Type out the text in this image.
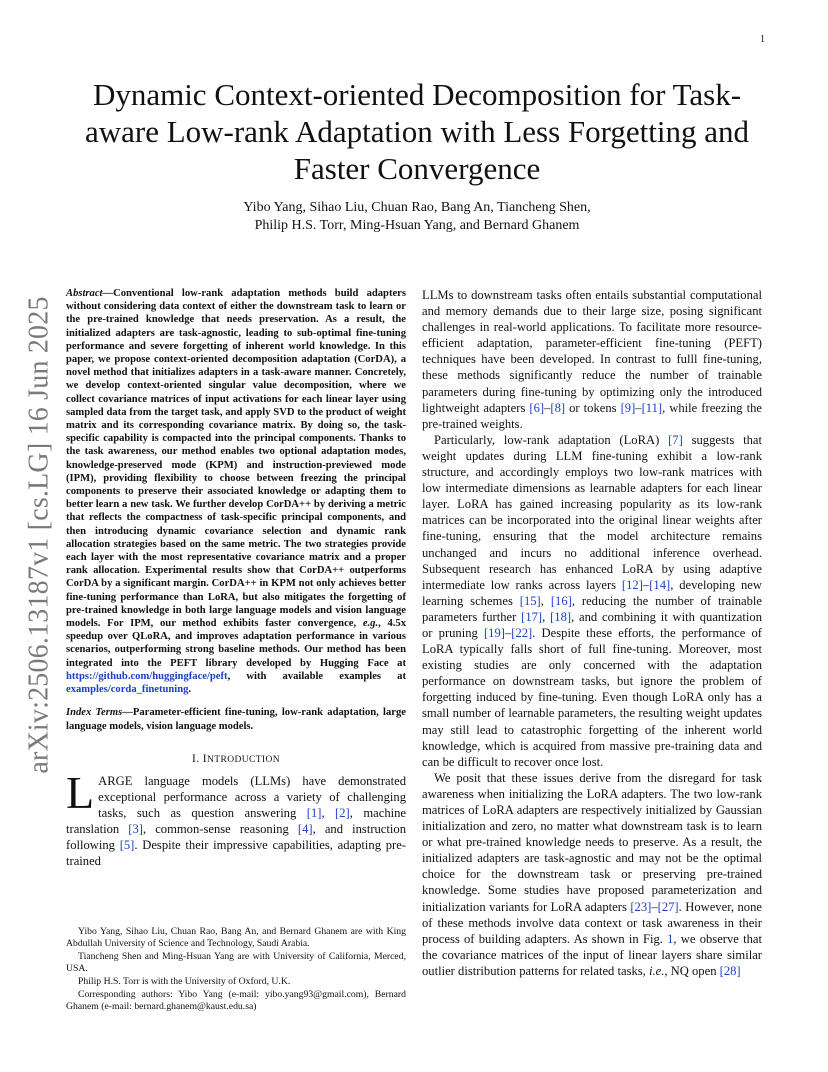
1
arXiv:2506.13187v1 [cs.LG] 16 Jun 2025
Dynamic Context-oriented Decomposition for Task-aware Low-rank Adaptation with Less Forgetting and Faster Convergence
Yibo Yang, Sihao Liu, Chuan Rao, Bang An, Tiancheng Shen,
Philip H.S. Torr, Ming-Hsuan Yang, and Bernard Ghanem

Abstract—Conventional low-rank adaptation methods build adapters without considering data context of either the downstream task to learn or the pre-trained knowledge that needs preservation. As a result, the initialized adapters are task-agnostic, leading to sub-optimal fine-tuning performance and severe forgetting of inherent world knowledge. In this paper, we propose context-oriented decomposition adaptation (CorDA), a novel method that initializes adapters in a task-aware manner. Concretely, we develop context-oriented singular value decomposition, where we collect covariance matrices of input activations for each linear layer using sampled data from the target task, and apply SVD to the product of weight matrix and its corresponding covariance matrix. By doing so, the task-specific capability is compacted into the principal components. Thanks to the task awareness, our method enables two optional adaptation modes, knowledge-preserved mode (KPM) and instruction-previewed mode (IPM), providing flexibility to choose between freezing the principal components to preserve their associated knowledge or adapting them to better learn a new task. We further develop CorDA++ by deriving a metric that reflects the compactness of task-specific principal components, and then introducing dynamic covariance selection and dynamic rank allocation strategies based on the same metric. The two strategies provide each layer with the most representative covariance matrix and a proper rank allocation. Experimental results show that CorDA++ outperforms CorDA by a significant margin. CorDA++ in KPM not only achieves better fine-tuning performance than LoRA, but also mitigates the forgetting of pre-trained knowledge in both large language models and vision language models. For IPM, our method exhibits faster convergence, e.g., 4.5x speedup over QLoRA, and improves adaptation performance in various scenarios, outperforming strong baseline methods. Our method has been integrated into the PEFT library developed by Hugging Face at https://github.com/huggingface/peft, with available examples at examples/corda_finetuning.

Index Terms—Parameter-efficient fine-tuning, low-rank adaptation, large language models, vision language models.

I. INTRODUCTION

LARGE language models (LLMs) have demonstrated exceptional performance across a variety of challenging tasks, such as question answering [1], [2], machine translation [3], common-sense reasoning [4], and instruction following [5]. Despite their impressive capabilities, adapting pre-trained

Yibo Yang, Sihao Liu, Chuan Rao, Bang An, and Bernard Ghanem are with King Abdullah University of Science and Technology, Saudi Arabia.

Tiancheng Shen and Ming-Hsuan Yang are with University of California, Merced, USA.

Philip H.S. Torr is with the University of Oxford, U.K.

Corresponding authors: Yibo Yang (e-mail: yibo.yang93@gmail.com), Bernard Ghanem (e-mail: bernard.ghanem@kaust.edu.sa)

LLMs to downstream tasks often entails substantial computational and memory demands due to their large size, posing significant challenges in real-world applications. To facilitate more resource-efficient adaptation, parameter-efficient fine-tuning (PEFT) techniques have been developed. In contrast to fulll fine-tuning, these methods significantly reduce the number of trainable parameters during fine-tuning by optimizing only the introduced lightweight adapters [6]–[8] or tokens [9]–[11], while freezing the pre-trained weights.

Particularly, low-rank adaptation (LoRA) [7] suggests that weight updates during LLM fine-tuning exhibit a low-rank structure, and accordingly employs two low-rank matrices with low intermediate dimensions as learnable adapters for each linear layer. LoRA has gained increasing popularity as its low-rank matrices can be incorporated into the original linear weights after fine-tuning, ensuring that the model architecture remains unchanged and incurs no additional inference overhead. Subsequent research has enhanced LoRA by using adaptive intermediate low ranks across layers [12]–[14], developing new learning schemes [15], [16], reducing the number of trainable parameters further [17], [18], and combining it with quantization or pruning [19]–[22]. Despite these efforts, the performance of LoRA typically falls short of full fine-tuning. Moreover, most existing studies are only concerned with the adaptation performance on downstream tasks, but ignore the problem of forgetting induced by fine-tuning. Even though LoRA only has a small number of learnable parameters, the resulting weight updates may still lead to catastrophic forgetting of the inherent world knowledge, which is acquired from massive pre-training data and can be difficult to recover once lost.

We posit that these issues derive from the disregard for task awareness when initializing the LoRA adapters. The two low-rank matrices of LoRA adapters are respectively initialized by Gaussian initialization and zero, no matter what downstream task is to learn or what pre-trained knowledge needs to preserve. As a result, the initialized adapters are task-agnostic and may not be the optimal choice for the downstream task or preserving pre-trained knowledge. Some studies have proposed parameterization and initialization variants for LoRA adapters [23]–[27]. However, none of these methods involve data context or task awareness in their process of building adapters. As shown in Fig. 1, we observe that the covariance matrices of the input of linear layers share similar outlier distribution patterns for related tasks, i.e., NQ open [28]
